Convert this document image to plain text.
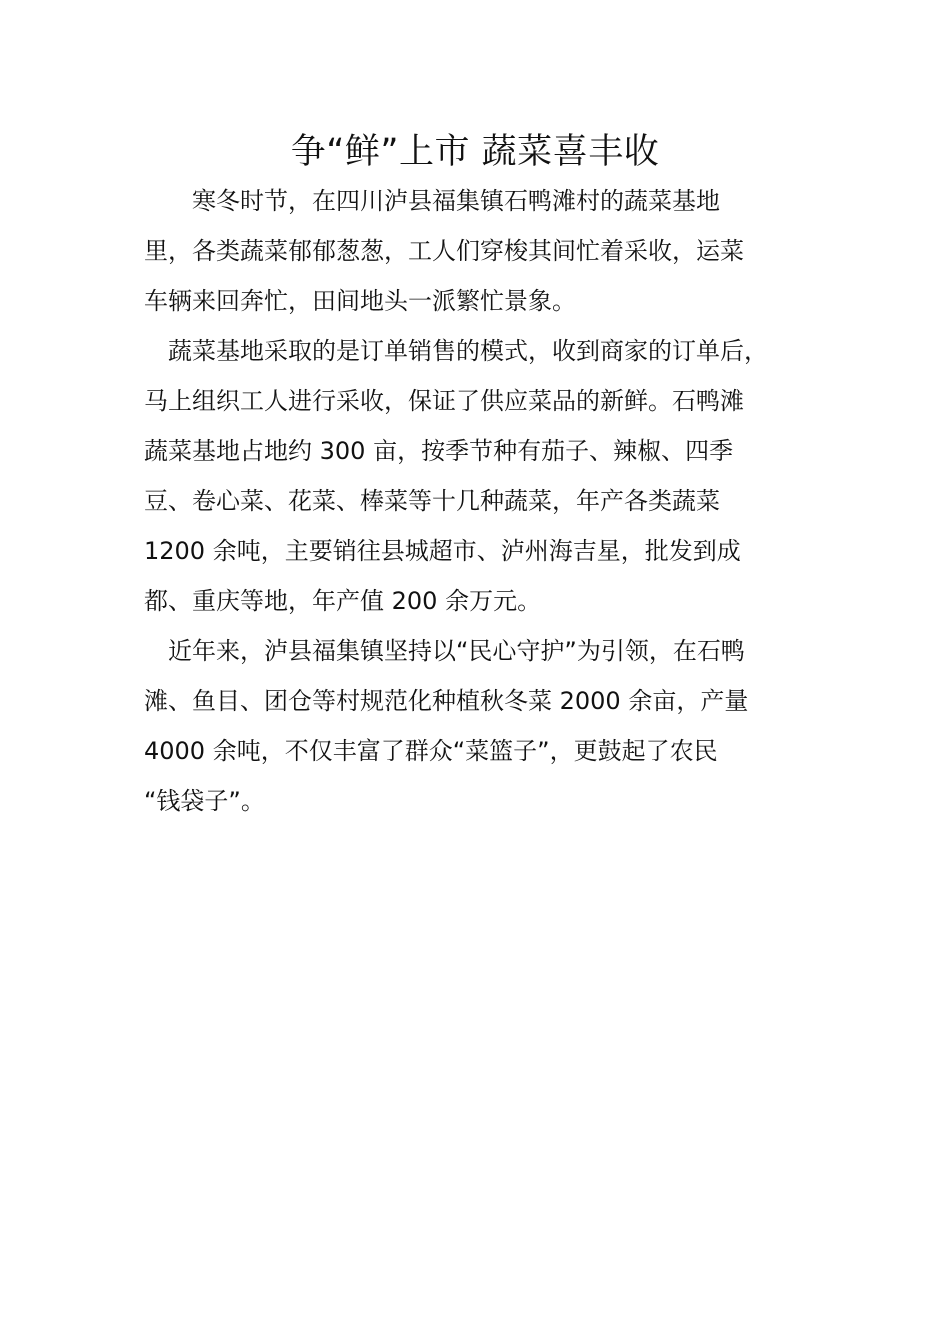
争“鲜”上市 蔬菜喜丰收

　　寒冬时节，在四川泸县福集镇石鸭滩村的蔬菜基地
里，各类蔬菜郁郁葱葱，工人们穿梭其间忙着采收，运菜
车辆来回奔忙，田间地头一派繁忙景象。

　蔬菜基地采取的是订单销售的模式，收到商家的订单后，
马上组织工人进行采收，保证了供应菜品的新鲜。石鸭滩
蔬菜基地占地约 300 亩，按季节种有茄子、辣椒、四季
豆、卷心菜、花菜、棒菜等十几种蔬菜，年产各类蔬菜
1200 余吨，主要销往县城超市、泸州海吉星，批发到成
都、重庆等地，年产值 200 余万元。

　近年来，泸县福集镇坚持以“民心守护”为引领，在石鸭
滩、鱼目、团仓等村规范化种植秋冬菜 2000 余亩，产量
4000 余吨，不仅丰富了群众“菜篮子”，更鼓起了农民
“钱袋子”。
